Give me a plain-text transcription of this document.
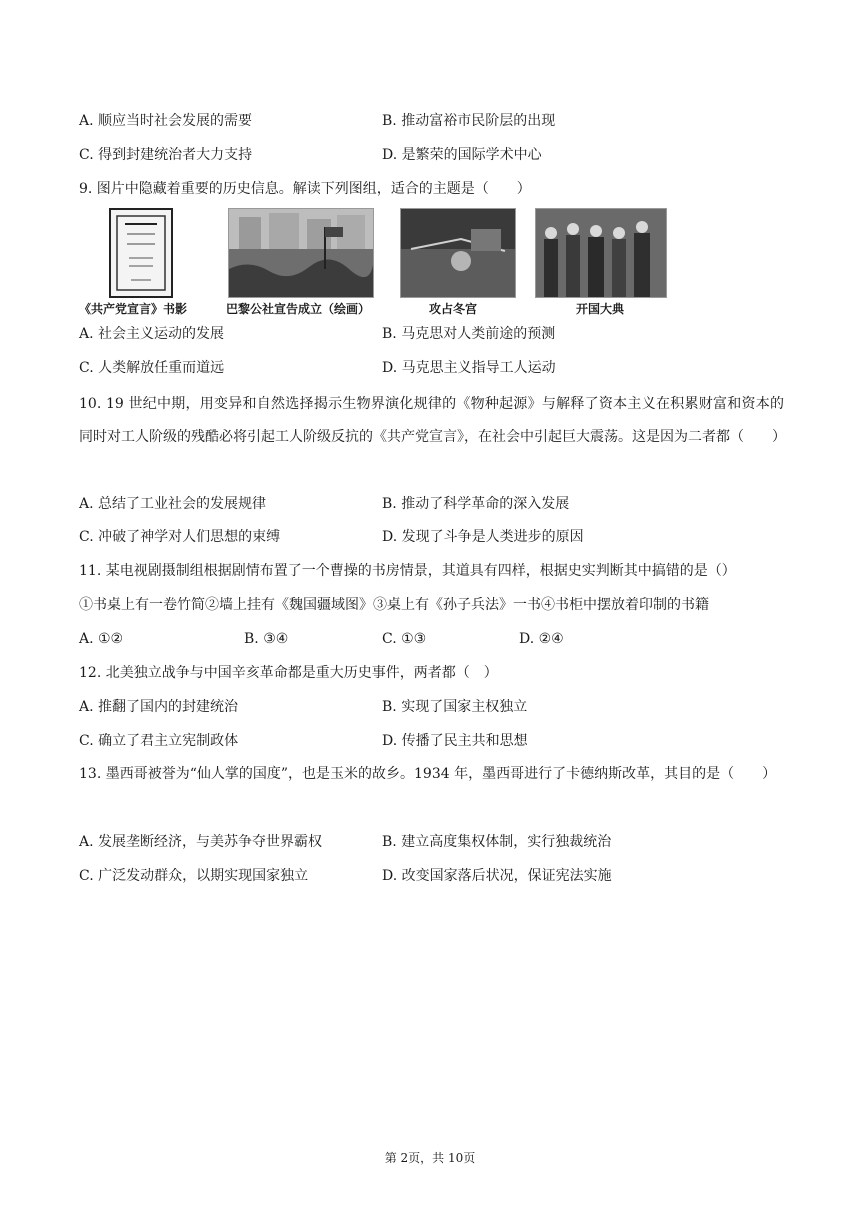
A. 顺应当时社会发展的需要	B. 推动富裕市民阶层的出现
C. 得到封建统治者大力支持	D. 是繁荣的国际学术中心
9. 图片中隐藏着重要的历史信息。解读下列图组，适合的主题是（　　）
《共产党宣言》书影	巴黎公社宣告成立（绘画）	攻占冬宫	开国大典
A. 社会主义运动的发展	B. 马克思对人类前途的预测
C. 人类解放任重而道远	D. 马克思主义指导工人运动
10. 19 世纪中期，用变异和自然选择揭示生物界演化规律的《物种起源》与解释了资本主义在积累财富和资本的同时对工人阶级的残酷必将引起工人阶级反抗的《共产党宣言》，在社会中引起巨大震荡。这是因为二者都（　　）
A. 总结了工业社会的发展规律	B. 推动了科学革命的深入发展
C. 冲破了神学对人们思想的束缚	D. 发现了斗争是人类进步的原因
11. 某电视剧摄制组根据剧情布置了一个曹操的书房情景，其道具有四样，根据史实判断其中搞错的是（）
①书桌上有一卷竹简②墙上挂有《魏国疆域图》③桌上有《孙子兵法》一书④书柜中摆放着印制的书籍
A. ①②	B. ③④	C. ①③	D. ②④
12. 北美独立战争与中国辛亥革命都是重大历史事件，两者都（　）
A. 推翻了国内的封建统治	B. 实现了国家主权独立
C. 确立了君主立宪制政体	D. 传播了民主共和思想
13. 墨西哥被誉为“仙人掌的国度”，也是玉米的故乡。1934 年，墨西哥进行了卡德纳斯改革，其目的是（　　）
A. 发展垄断经济，与美苏争夺世界霸权	B. 建立高度集权体制，实行独裁统治
C. 广泛发动群众，以期实现国家独立	D. 改变国家落后状况，保证宪法实施
第 2页，共 10页
